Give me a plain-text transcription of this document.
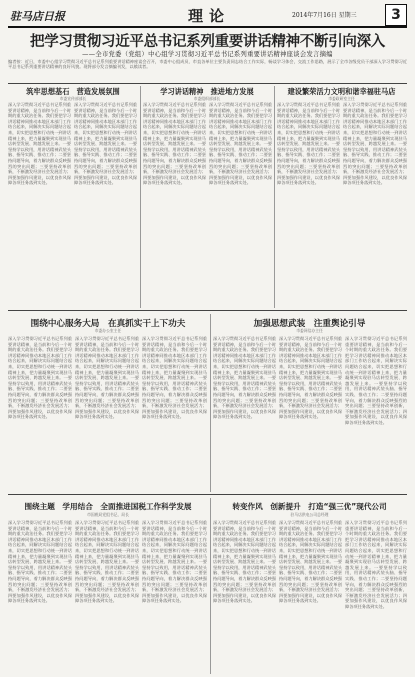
驻马店日报	理论	2014年7月16日 星期三	3
把学习贯彻习近平总书记系列重要讲话精神不断引向深入
——全市党委（党组）中心组学习贯彻习近平总书记系列重要讲话精神座谈会发言摘编
编者按：近日，市委中心组学习贯彻习近平总书记系列重要讲话精神座谈会召开，市委中心组成员、市直各单位主要负责同志结合工作实际，畅谈学习体会，交流工作思路，展示了全市各级党员干部深入学习贯彻习近平总书记系列重要讲话精神的良好风貌。现将部分发言摘编刊发，以飨读者。
筑牢思想基石　营造发展氛围
市委宣传部部长
学习讲话精神　推进地方发展
市委组织部部长
建设繁荣活力文明和谐幸福驻马店
市委政研室主任
深入学习贯彻习近平总书记系列重要讲话精神，是当前和今后一个时期的重大政治任务。我们要把学习讲话精神同推动本地区本部门工作结合起来，同解决实际问题结合起来，切实把思想和行动统一到讲话精神上来，把力量凝聚到实现驻马店转型发展、跨越发展上来。一要坚持学以致用，用讲话精神武装头脑、指导实践、推动工作；二要坚持问题导向，着力解决群众反映强烈的突出问题；三要坚持改革创新，不断激发经济社会发展活力；四要加强作风建设，以优良作风保障各项任务落到实处。
深入学习贯彻习近平总书记系列重要讲话精神，是当前和今后一个时期的重大政治任务。我们要把学习讲话精神同推动本地区本部门工作结合起来，同解决实际问题结合起来，切实把思想和行动统一到讲话精神上来，把力量凝聚到实现驻马店转型发展、跨越发展上来。一要坚持学以致用，用讲话精神武装头脑、指导实践、推动工作；二要坚持问题导向，着力解决群众反映强烈的突出问题；三要坚持改革创新，不断激发经济社会发展活力；四要加强作风建设，以优良作风保障各项任务落到实处。
深入学习贯彻习近平总书记系列重要讲话精神，是当前和今后一个时期的重大政治任务。我们要把学习讲话精神同推动本地区本部门工作结合起来，同解决实际问题结合起来，切实把思想和行动统一到讲话精神上来，把力量凝聚到实现驻马店转型发展、跨越发展上来。一要坚持学以致用，用讲话精神武装头脑、指导实践、推动工作；二要坚持问题导向，着力解决群众反映强烈的突出问题；三要坚持改革创新，不断激发经济社会发展活力；四要加强作风建设，以优良作风保障各项任务落到实处。
深入学习贯彻习近平总书记系列重要讲话精神，是当前和今后一个时期的重大政治任务。我们要把学习讲话精神同推动本地区本部门工作结合起来，同解决实际问题结合起来，切实把思想和行动统一到讲话精神上来，把力量凝聚到实现驻马店转型发展、跨越发展上来。一要坚持学以致用，用讲话精神武装头脑、指导实践、推动工作；二要坚持问题导向，着力解决群众反映强烈的突出问题；三要坚持改革创新，不断激发经济社会发展活力；四要加强作风建设，以优良作风保障各项任务落到实处。
深入学习贯彻习近平总书记系列重要讲话精神，是当前和今后一个时期的重大政治任务。我们要把学习讲话精神同推动本地区本部门工作结合起来，同解决实际问题结合起来，切实把思想和行动统一到讲话精神上来，把力量凝聚到实现驻马店转型发展、跨越发展上来。一要坚持学以致用，用讲话精神武装头脑、指导实践、推动工作；二要坚持问题导向，着力解决群众反映强烈的突出问题；三要坚持改革创新，不断激发经济社会发展活力；四要加强作风建设，以优良作风保障各项任务落到实处。
深入学习贯彻习近平总书记系列重要讲话精神，是当前和今后一个时期的重大政治任务。我们要把学习讲话精神同推动本地区本部门工作结合起来，同解决实际问题结合起来，切实把思想和行动统一到讲话精神上来，把力量凝聚到实现驻马店转型发展、跨越发展上来。一要坚持学以致用，用讲话精神武装头脑、指导实践、推动工作；二要坚持问题导向，着力解决群众反映强烈的突出问题；三要坚持改革创新，不断激发经济社会发展活力；四要加强作风建设，以优良作风保障各项任务落到实处。
围绕中心服务大局　在真抓实干上下功夫
市委办公室主任
加强思想武装　注重舆论引导
市委网信办主任
深入学习贯彻习近平总书记系列重要讲话精神，是当前和今后一个时期的重大政治任务。我们要把学习讲话精神同推动本地区本部门工作结合起来，同解决实际问题结合起来，切实把思想和行动统一到讲话精神上来，把力量凝聚到实现驻马店转型发展、跨越发展上来。一要坚持学以致用，用讲话精神武装头脑、指导实践、推动工作；二要坚持问题导向，着力解决群众反映强烈的突出问题；三要坚持改革创新，不断激发经济社会发展活力；四要加强作风建设，以优良作风保障各项任务落到实处。
深入学习贯彻习近平总书记系列重要讲话精神，是当前和今后一个时期的重大政治任务。我们要把学习讲话精神同推动本地区本部门工作结合起来，同解决实际问题结合起来，切实把思想和行动统一到讲话精神上来，把力量凝聚到实现驻马店转型发展、跨越发展上来。一要坚持学以致用，用讲话精神武装头脑、指导实践、推动工作；二要坚持问题导向，着力解决群众反映强烈的突出问题；三要坚持改革创新，不断激发经济社会发展活力；四要加强作风建设，以优良作风保障各项任务落到实处。
深入学习贯彻习近平总书记系列重要讲话精神，是当前和今后一个时期的重大政治任务。我们要把学习讲话精神同推动本地区本部门工作结合起来，同解决实际问题结合起来，切实把思想和行动统一到讲话精神上来，把力量凝聚到实现驻马店转型发展、跨越发展上来。一要坚持学以致用，用讲话精神武装头脑、指导实践、推动工作；二要坚持问题导向，着力解决群众反映强烈的突出问题；三要坚持改革创新，不断激发经济社会发展活力；四要加强作风建设，以优良作风保障各项任务落到实处。
深入学习贯彻习近平总书记系列重要讲话精神，是当前和今后一个时期的重大政治任务。我们要把学习讲话精神同推动本地区本部门工作结合起来，同解决实际问题结合起来，切实把思想和行动统一到讲话精神上来，把力量凝聚到实现驻马店转型发展、跨越发展上来。一要坚持学以致用，用讲话精神武装头脑、指导实践、推动工作；二要坚持问题导向，着力解决群众反映强烈的突出问题；三要坚持改革创新，不断激发经济社会发展活力；四要加强作风建设，以优良作风保障各项任务落到实处。
深入学习贯彻习近平总书记系列重要讲话精神，是当前和今后一个时期的重大政治任务。我们要把学习讲话精神同推动本地区本部门工作结合起来，同解决实际问题结合起来，切实把思想和行动统一到讲话精神上来，把力量凝聚到实现驻马店转型发展、跨越发展上来。一要坚持学以致用，用讲话精神武装头脑、指导实践、推动工作；二要坚持问题导向，着力解决群众反映强烈的突出问题；三要坚持改革创新，不断激发经济社会发展活力；四要加强作风建设，以优良作风保障各项任务落到实处。
深入学习贯彻习近平总书记系列重要讲话精神，是当前和今后一个时期的重大政治任务。我们要把学习讲话精神同推动本地区本部门工作结合起来，同解决实际问题结合起来，切实把思想和行动统一到讲话精神上来，把力量凝聚到实现驻马店转型发展、跨越发展上来。一要坚持学以致用，用讲话精神武装头脑、指导实践、推动工作；二要坚持问题导向，着力解决群众反映强烈的突出问题；三要坚持改革创新，不断激发经济社会发展活力；四要加强作风建设，以优良作风保障各项任务落到实处。
围绕主题　学用结合　全面推进国税工作科学发展
市国税局党组书记、局长
转变作风　创新提升　打造“强三优”现代公司
驻马店供电公司总经理
深入学习贯彻习近平总书记系列重要讲话精神，是当前和今后一个时期的重大政治任务。我们要把学习讲话精神同推动本地区本部门工作结合起来，同解决实际问题结合起来，切实把思想和行动统一到讲话精神上来，把力量凝聚到实现驻马店转型发展、跨越发展上来。一要坚持学以致用，用讲话精神武装头脑、指导实践、推动工作；二要坚持问题导向，着力解决群众反映强烈的突出问题；三要坚持改革创新，不断激发经济社会发展活力；四要加强作风建设，以优良作风保障各项任务落到实处。
深入学习贯彻习近平总书记系列重要讲话精神，是当前和今后一个时期的重大政治任务。我们要把学习讲话精神同推动本地区本部门工作结合起来，同解决实际问题结合起来，切实把思想和行动统一到讲话精神上来，把力量凝聚到实现驻马店转型发展、跨越发展上来。一要坚持学以致用，用讲话精神武装头脑、指导实践、推动工作；二要坚持问题导向，着力解决群众反映强烈的突出问题；三要坚持改革创新，不断激发经济社会发展活力；四要加强作风建设，以优良作风保障各项任务落到实处。
深入学习贯彻习近平总书记系列重要讲话精神，是当前和今后一个时期的重大政治任务。我们要把学习讲话精神同推动本地区本部门工作结合起来，同解决实际问题结合起来，切实把思想和行动统一到讲话精神上来，把力量凝聚到实现驻马店转型发展、跨越发展上来。一要坚持学以致用，用讲话精神武装头脑、指导实践、推动工作；二要坚持问题导向，着力解决群众反映强烈的突出问题；三要坚持改革创新，不断激发经济社会发展活力；四要加强作风建设，以优良作风保障各项任务落到实处。
深入学习贯彻习近平总书记系列重要讲话精神，是当前和今后一个时期的重大政治任务。我们要把学习讲话精神同推动本地区本部门工作结合起来，同解决实际问题结合起来，切实把思想和行动统一到讲话精神上来，把力量凝聚到实现驻马店转型发展、跨越发展上来。一要坚持学以致用，用讲话精神武装头脑、指导实践、推动工作；二要坚持问题导向，着力解决群众反映强烈的突出问题；三要坚持改革创新，不断激发经济社会发展活力；四要加强作风建设，以优良作风保障各项任务落到实处。
深入学习贯彻习近平总书记系列重要讲话精神，是当前和今后一个时期的重大政治任务。我们要把学习讲话精神同推动本地区本部门工作结合起来，同解决实际问题结合起来，切实把思想和行动统一到讲话精神上来，把力量凝聚到实现驻马店转型发展、跨越发展上来。一要坚持学以致用，用讲话精神武装头脑、指导实践、推动工作；二要坚持问题导向，着力解决群众反映强烈的突出问题；三要坚持改革创新，不断激发经济社会发展活力；四要加强作风建设，以优良作风保障各项任务落到实处。
深入学习贯彻习近平总书记系列重要讲话精神，是当前和今后一个时期的重大政治任务。我们要把学习讲话精神同推动本地区本部门工作结合起来，同解决实际问题结合起来，切实把思想和行动统一到讲话精神上来，把力量凝聚到实现驻马店转型发展、跨越发展上来。一要坚持学以致用，用讲话精神武装头脑、指导实践、推动工作；二要坚持问题导向，着力解决群众反映强烈的突出问题；三要坚持改革创新，不断激发经济社会发展活力；四要加强作风建设，以优良作风保障各项任务落到实处。
